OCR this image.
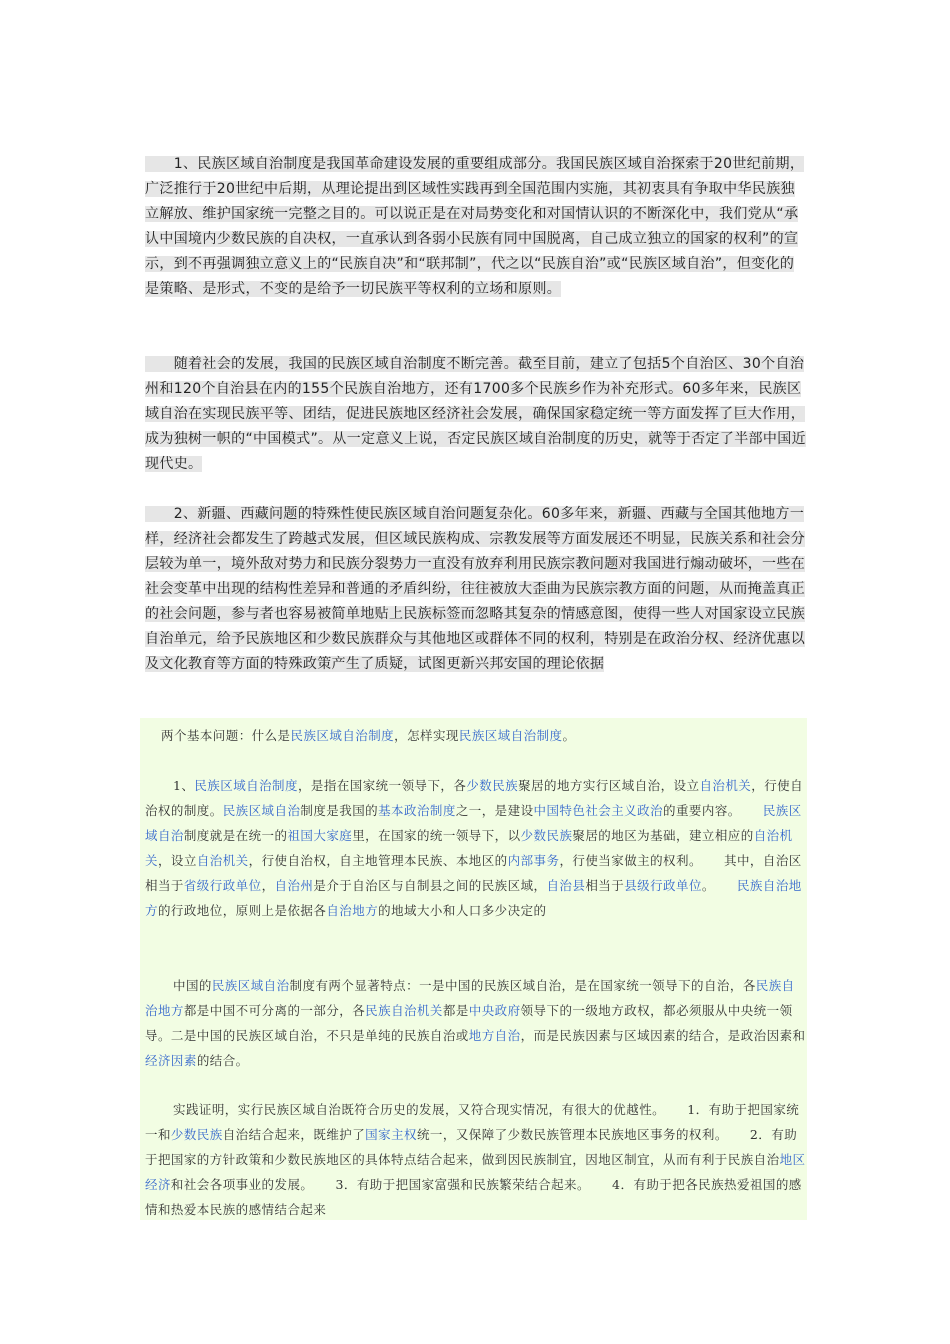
　　1、民族区域自治制度是我国革命建设发展的重要组成部分。我国民族区域自治探索于20世纪前期，广泛推行于20世纪中后期，从理论提出到区域性实践再到全国范围内实施，其初衷具有争取中华民族独立解放、维护国家统一完整之目的。可以说正是在对局势变化和对国情认识的不断深化中，我们党从“承认中国境内少数民族的自决权，一直承认到各弱小民族有同中国脱离，自己成立独立的国家的权利”的宣示，到不再强调独立意义上的“民族自决”和“联邦制”，代之以“民族自治”或“民族区域自治”，但变化的是策略、是形式，不变的是给予一切民族平等权利的立场和原则。
　　随着社会的发展，我国的民族区域自治制度不断完善。截至目前，建立了包括5个自治区、30个自治州和120个自治县在内的155个民族自治地方，还有1700多个民族乡作为补充形式。60多年来，民族区域自治在实现民族平等、团结，促进民族地区经济社会发展，确保国家稳定统一等方面发挥了巨大作用，成为独树一帜的“中国模式”。从一定意义上说，否定民族区域自治制度的历史，就等于否定了半部中国近现代史。
　　2、新疆、西藏问题的特殊性使民族区域自治问题复杂化。60多年来，新疆、西藏与全国其他地方一样，经济社会都发生了跨越式发展，但区域民族构成、宗教发展等方面发展还不明显，民族关系和社会分层较为单一，境外敌对势力和民族分裂势力一直没有放弃利用民族宗教问题对我国进行煽动破坏，一些在社会变革中出现的结构性差异和普通的矛盾纠纷，往往被放大歪曲为民族宗教方面的问题，从而掩盖真正的社会问题，参与者也容易被简单地贴上民族标签而忽略其复杂的情感意图，使得一些人对国家设立民族自治单元，给予民族地区和少数民族群众与其他地区或群体不同的权利，特别是在政治分权、经济优惠以及文化教育等方面的特殊政策产生了质疑，试图更新兴邦安国的理论依据
两个基本问题：什么是民族区域自治制度，怎样实现民族区域自治制度。
1、民族区域自治制度，是指在国家统一领导下，各少数民族聚居的地方实行区域自治，设立自治机关，行使自治权的制度。民族区域自治制度是我国的基本政治制度之一，是建设中国特色社会主义政治的重要内容。     民族区域自治制度就是在统一的祖国大家庭里，在国家的统一领导下，以少数民族聚居的地区为基础，建立相应的自治机关，设立自治机关，行使自治权，自主地管理本民族、本地区的内部事务，行使当家做主的权利。     其中，自治区相当于省级行政单位，自治州是介于自治区与自制县之间的民族区域，自治县相当于县级行政单位。     民族自治地方的行政地位，原则上是依据各自治地方的地域大小和人口多少决定的
中国的民族区域自治制度有两个显著特点：一是中国的民族区域自治，是在国家统一领导下的自治，各民族自治地方都是中国不可分离的一部分，各民族自治机关都是中央政府领导下的一级地方政权，都必须服从中央统一领导。二是中国的民族区域自治，不只是单纯的民族自治或地方自治，而是民族因素与区域因素的结合，是政治因素和经济因素的结合。
实践证明，实行民族区域自治既符合历史的发展，又符合现实情况，有很大的优越性。     1．有助于把国家统一和少数民族自治结合起来，既维护了国家主权统一，又保障了少数民族管理本民族地区事务的权利。     2．有助于把国家的方针政策和少数民族地区的具体特点结合起来，做到因民族制宜，因地区制宜，从而有利于民族自治地区经济和社会各项事业的发展。     3．有助于把国家富强和民族繁荣结合起来。     4．有助于把各民族热爱祖国的感情和热爱本民族的感情结合起来
